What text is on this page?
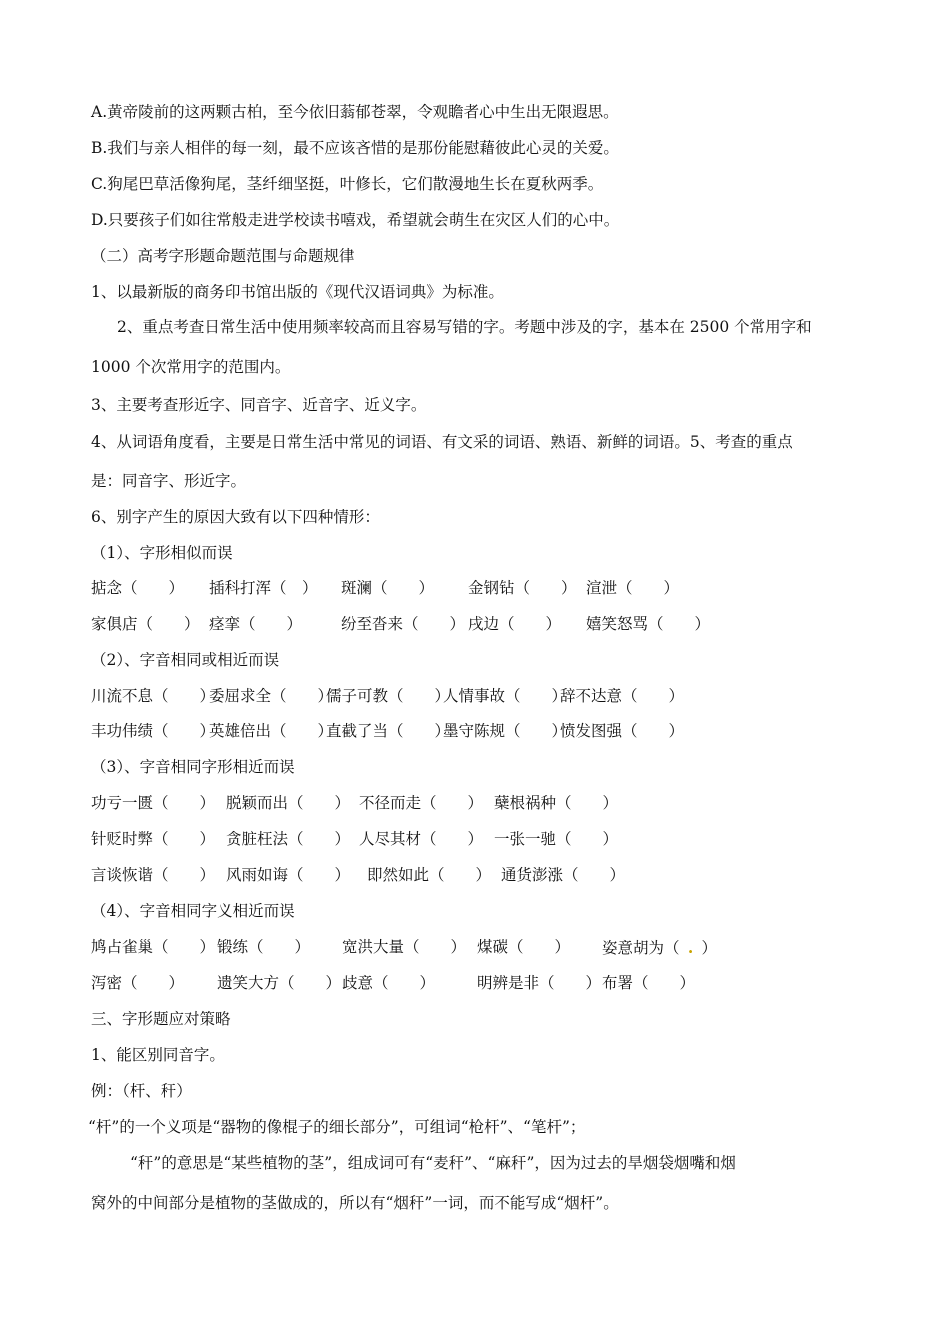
A.黄帝陵前的这两颗古柏，至今依旧蓊郁苍翠，令观瞻者心中生出无限遐思。
B.我们与亲人相伴的每一刻，最不应该吝惜的是那份能慰藉彼此心灵的关爱。
C.狗尾巴草活像狗尾，茎纤细坚挺，叶修长，它们散漫地生长在夏秋两季。
D.只要孩子们如往常般走进学校读书嘻戏，希望就会萌生在灾区人们的心中。
（二）高考字形题命题范围与命题规律
1、以最新版的商务印书馆出版的《现代汉语词典》为标准。
2、重点考查日常生活中使用频率较高而且容易写错的字。考题中涉及的字，基本在 2500 个常用字和
1000 个次常用字的范围内。
3、主要考查形近字、同音字、近音字、近义字。
4、从词语角度看，主要是日常生活中常见的词语、有文采的词语、熟语、新鲜的词语。5、考查的重点
是：同音字、形近字。
6、别字产生的原因大致有以下四种情形：
（1）、字形相似而误
掂念（　　） 插科打浑（　） 斑澜（　　） 金钢钻（　　） 渲泄（　　）
家俱店（　　） 痉挛（　　）	纷至沓来（　　） 戌边（　　） 嬉笑怒骂（　　）
（2）、字音相同或相近而误
川流不息（　　）
委屈求全（　　）
儒子可教（　　）
人情事故（　　）
辞不达意（　　）
丰功伟绩（　　）
英雄倍出（　　）
直截了当（　　）
墨守陈规（　　）
愤发图强（　　）
（3）、字音相同字形相近而误
功亏一匮（　　） 脱颖而出（　　） 不径而走（　　） 蘖根祸种（　　）
针贬时弊（　　） 贪脏枉法（　　） 人尽其材（　　） 一张一驰（　　）
言谈恢谐（　　） 风雨如诲（　　） 即然如此（　　） 通货澎涨（　　）
（4）、字音相同字义相近而误
鸠占雀巢（　　） 锻练（　　） 宽洪大量（　　） 煤碳（　　） 姿意胡为（ . ）
泻密（　　） 遗笑大方（　　） 歧意（　　）	明辨是非（　　） 布署（　　）
三、字形题应对策略
1、能区别同音字。
例：（杆、秆）
“杆”的一个义项是“器物的像棍子的细长部分”，可组词“枪杆”、“笔杆”；
“秆”的意思是“某些植物的茎”，组成词可有“麦秆”、“麻秆”，因为过去的旱烟袋烟嘴和烟
窝外的中间部分是植物的茎做成的，所以有“烟秆”一词，而不能写成“烟杆”。
